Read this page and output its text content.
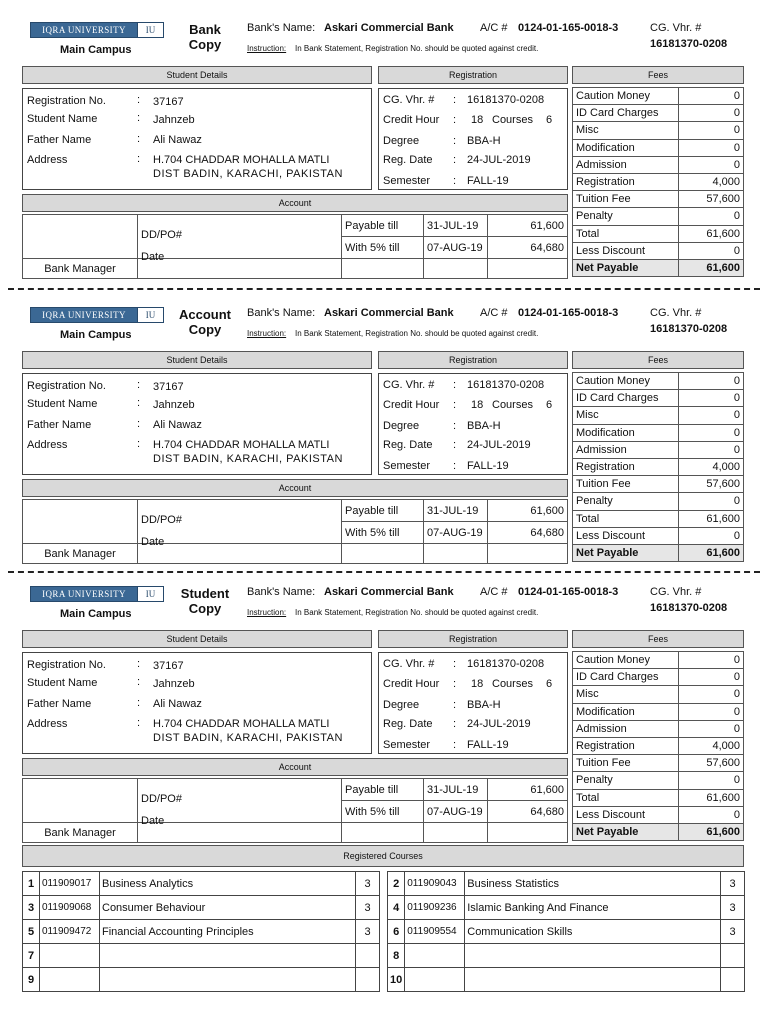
IQRA UNIVERSITY	IU
Main Campus
Bank
Copy
Bank's Name: Askari Commercial Bank A/C # 0124-01-165-0018-3	CG. Vhr. #
16181370-0208
Instruction: In Bank Statement, Registration No. should be quoted against credit.
Student Details	Registration	Fees
Registration No.	: 37167
Student Name	: Jahnzeb
Father Name	: Ali Nawaz
Address	: H.704 CHADDAR MOHALLA MATLI
DIST BADIN, KARACHI, PAKISTAN
CG. Vhr. # : 16181370-0208
Credit Hour : 18 Courses 6
Degree	: BBA-H
Reg. Date : 24-JUL-2019
Semester : FALL-19
Caution Money	0
ID Card Charges	0
Misc	0
Modification	0
Admission	0
Registration	4,000
Tuition Fee	57,600
Penalty	0
Total	61,600
Less Discount	0
Net Payable	61,600
Account

	DD/PO#
Date	Payable till	31-JUL-19	61,600
		With 5% till	07-AUG-19	64,680
Bank Manager				
IQRA UNIVERSITY	IU
Main Campus
Account
Copy
Bank's Name: Askari Commercial Bank A/C # 0124-01-165-0018-3	CG. Vhr. #
16181370-0208
Instruction: In Bank Statement, Registration No. should be quoted against credit.
Student Details	Registration	Fees
Registration No.	: 37167
Student Name	: Jahnzeb
Father Name	: Ali Nawaz
Address	: H.704 CHADDAR MOHALLA MATLI
DIST BADIN, KARACHI, PAKISTAN
CG. Vhr. # : 16181370-0208
Credit Hour : 18 Courses 6
Degree	: BBA-H
Reg. Date : 24-JUL-2019
Semester : FALL-19
Caution Money	0
ID Card Charges	0
Misc	0
Modification	0
Admission	0
Registration	4,000
Tuition Fee	57,600
Penalty	0
Total	61,600
Less Discount	0
Net Payable	61,600
Account

	DD/PO#
Date	Payable till	31-JUL-19	61,600
		With 5% till	07-AUG-19	64,680
Bank Manager				
IQRA UNIVERSITY	IU
Main Campus
Student
Copy
Bank's Name: Askari Commercial Bank A/C # 0124-01-165-0018-3	CG. Vhr. #
16181370-0208
Instruction: In Bank Statement, Registration No. should be quoted against credit.
Student Details	Registration	Fees
Registration No.	: 37167
Student Name	: Jahnzeb
Father Name	: Ali Nawaz
Address	: H.704 CHADDAR MOHALLA MATLI
DIST BADIN, KARACHI, PAKISTAN
CG. Vhr. # : 16181370-0208
Credit Hour : 18 Courses 6
Degree	: BBA-H
Reg. Date : 24-JUL-2019
Semester : FALL-19
Caution Money	0
ID Card Charges	0
Misc	0
Modification	0
Admission	0
Registration	4,000
Tuition Fee	57,600
Penalty	0
Total	61,600
Less Discount	0
Net Payable	61,600
Account

	DD/PO#
Date	Payable till	31-JUL-19	61,600
		With 5% till	07-AUG-19	64,680
Bank Manager				
Registered Courses
1	011909017	Business Analytics	3
3	011909068	Consumer Behaviour	3
5	011909472	Financial Accounting Principles	3
7			
9			
2	011909043	Business Statistics	3
4	011909236	Islamic Banking And Finance	3
6	011909554	Communication Skills	3
8			
10			
